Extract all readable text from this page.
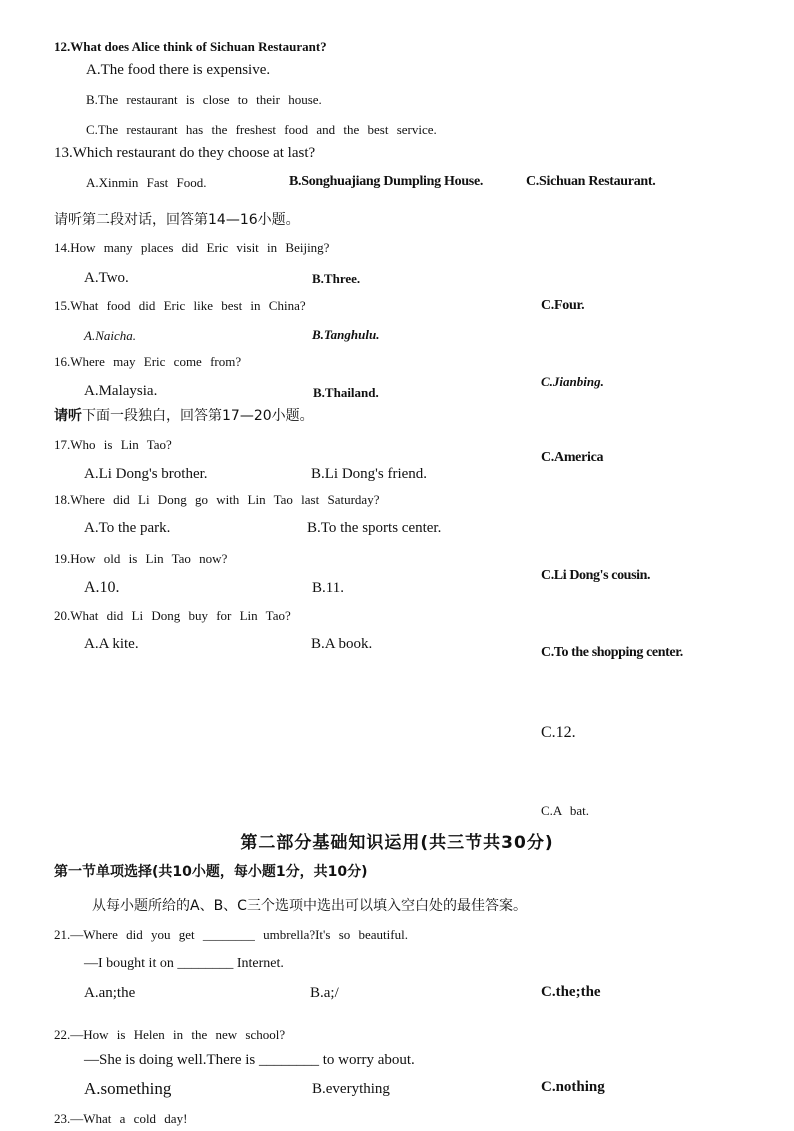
12.What does Alice think of Sichuan Restaurant?
A.The food there is expensive.
B.The restaurant is close to their house.
C.The restaurant has the freshest food and the best service.
13.Which restaurant do they choose at last?
A.Xinmin Fast Food.	B.Songhuajiang Dumpling House.	C.Sichuan Restaurant.
请听第二段对话，回答第14—16小题。
14.How many places did Eric visit in Beijing?
A.Two.	B.Three.
C.Four.
15.What food did Eric like best in China?
A.Naicha.	B.Tanghulu.
C.Jianbing.
16.Where may Eric come from?
A.Malaysia.	B.Thailand.
C.America
请听下面一段独白，回答第17—20小题。
17.Who is Lin Tao?
A.Li Dong's brother.	B.Li Dong's friend.
C.Li Dong's cousin.
18.Where did Li Dong go with Lin Tao last Saturday?
A.To the park.	B.To the sports center.
C.To the shopping center.
19.How old is Lin Tao now?
A.10.	B.11.
C.12.
20.What did Li Dong buy for Lin Tao?
A.A kite.	B.A book.
C.A bat.
第二部分基础知识运用(共三节共30分)
第一节单项选择(共10小题，每小题1分，共10分)
从每小题所给的A、B、C三个选项中选出可以填入空白处的最佳答案。
21.—Where did you get ________ umbrella?It's so beautiful.
—I bought it on ________ Internet.
A.an;the	B.a;/	C.the;the
22.—How is Helen in the new school?
—She is doing well.There is ________ to worry about.
A.something	B.everything	C.nothing
23.—What a cold day!
